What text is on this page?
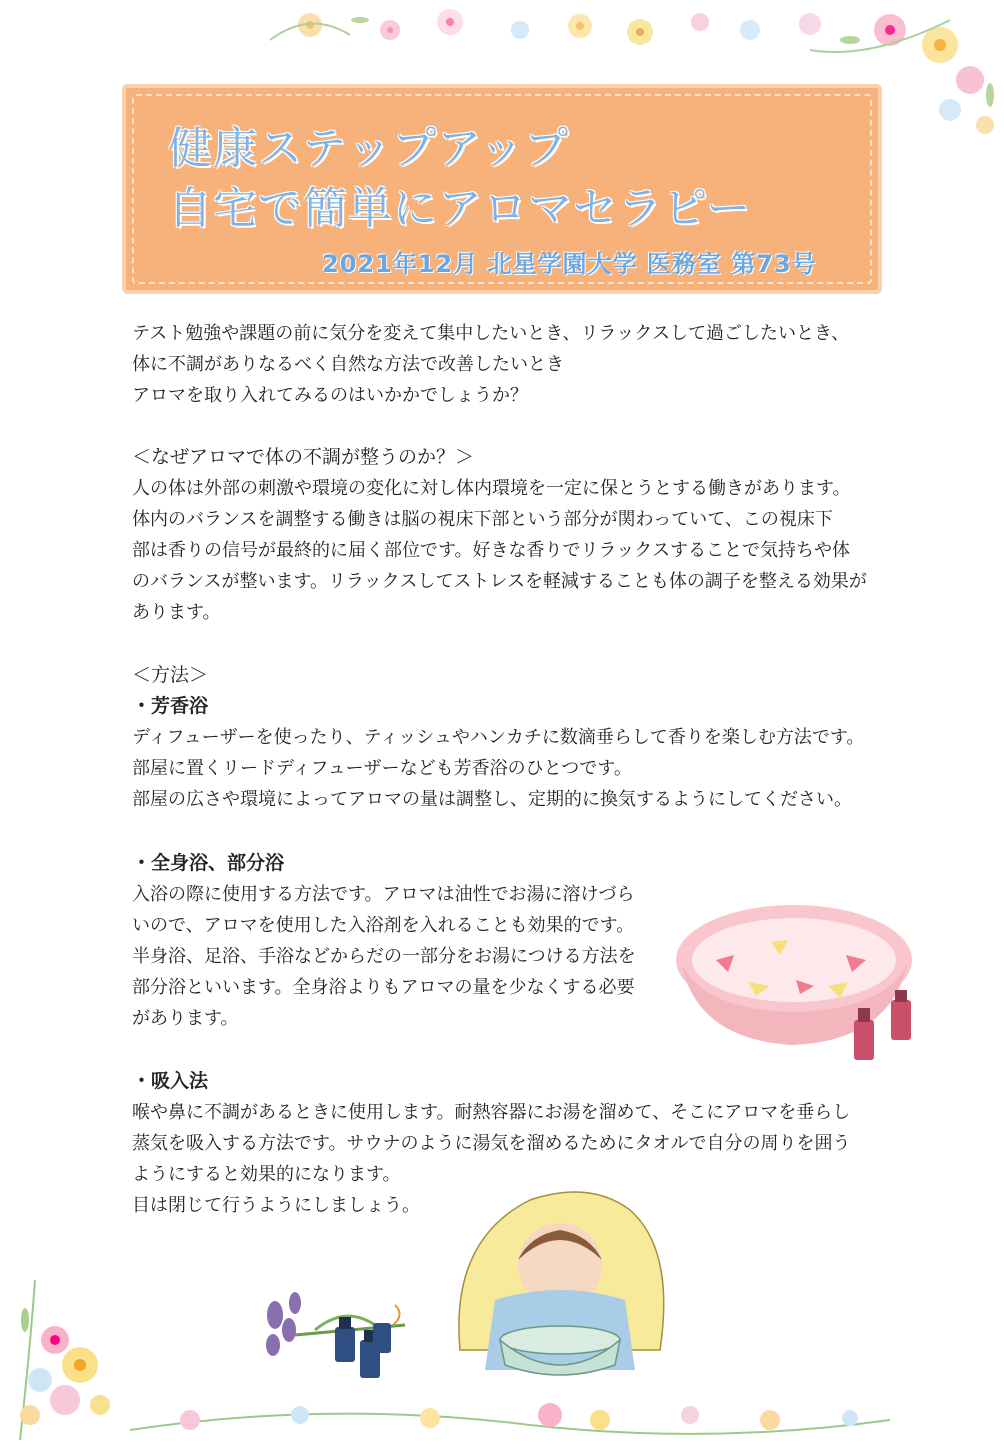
健康ステップアップ
自宅で簡単にアロマセラピー
2021年12月 北星学園大学 医務室 第73号

テスト勉強や課題の前に気分を変えて集中したいとき、リラックスして過ごしたいとき、

体に不調がありなるべく自然な方法で改善したいとき

アロマを取り入れてみるのはいかかでしょうか？

＜なぜアロマで体の不調が整うのか？＞

人の体は外部の刺激や環境の変化に対し体内環境を一定に保とうとする働きがあります。

体内のバランスを調整する働きは脳の視床下部という部分が関わっていて、この視床下

部は香りの信号が最終的に届く部位です。好きな香りでリラックスすることで気持ちや体

のバランスが整います。リラックスしてストレスを軽減することも体の調子を整える効果が

あります。

＜方法＞

・芳香浴

ディフューザーを使ったり、ティッシュやハンカチに数滴垂らして香りを楽しむ方法です。

部屋に置くリードディフューザーなども芳香浴のひとつです。

部屋の広さや環境によってアロマの量は調整し、定期的に換気するようにしてください。

・全身浴、部分浴

入浴の際に使用する方法です。アロマは油性でお湯に溶けづら

いので、アロマを使用した入浴剤を入れることも効果的です。

半身浴、足浴、手浴などからだの一部分をお湯につける方法を

部分浴といいます。全身浴よりもアロマの量を少なくする必要

があります。

・吸入法

喉や鼻に不調があるときに使用します。耐熱容器にお湯を溜めて、そこにアロマを垂らし

蒸気を吸入する方法です。サウナのように湯気を溜めるためにタオルで自分の周りを囲う

ようにすると効果的になります。

目は閉じて行うようにしましょう。
